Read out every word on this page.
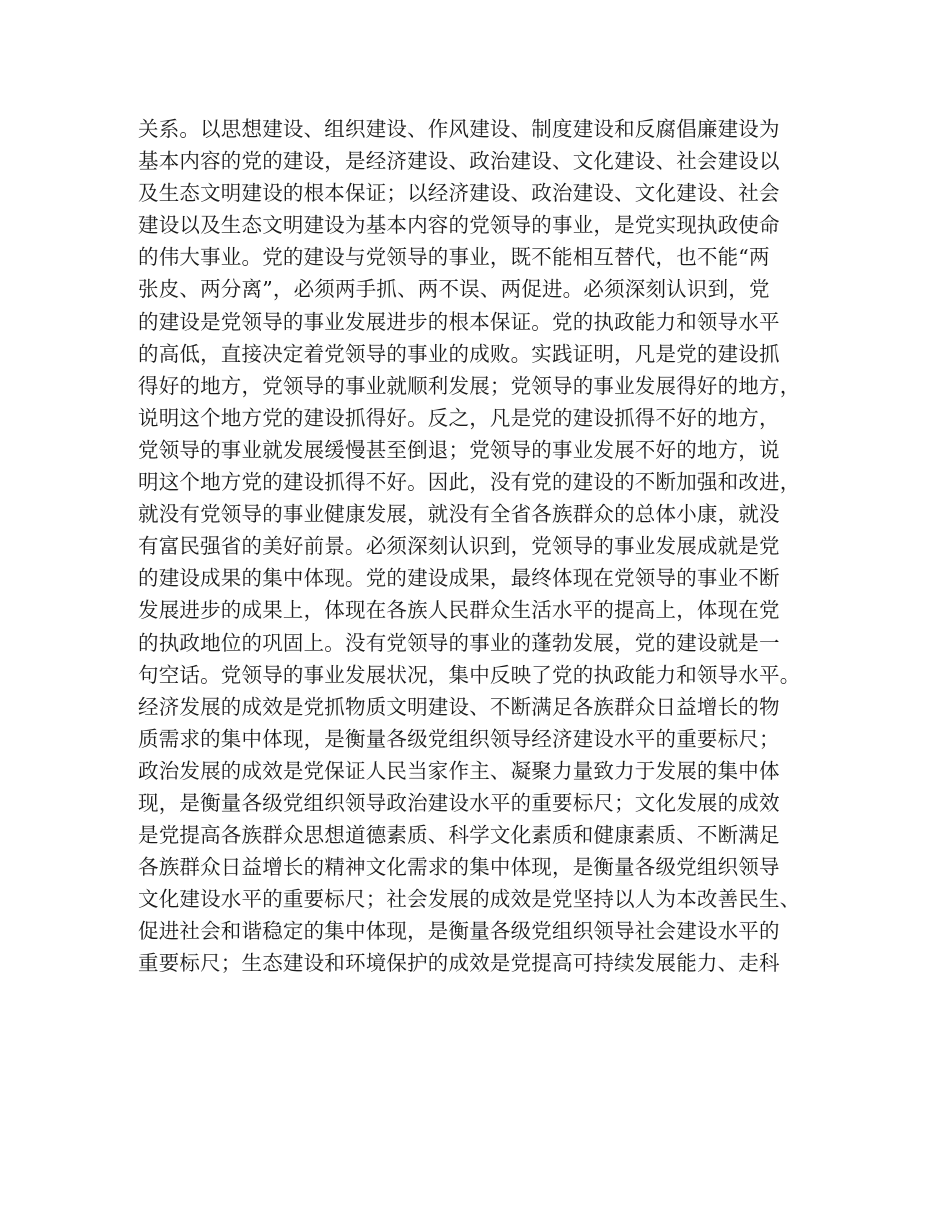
关系。以思想建设、组织建设、作风建设、制度建设和反腐倡廉建设为
基本内容的党的建设，是经济建设、政治建设、文化建设、社会建设以
及生态文明建设的根本保证；以经济建设、政治建设、文化建设、社会
建设以及生态文明建设为基本内容的党领导的事业，是党实现执政使命
的伟大事业。党的建设与党领导的事业，既不能相互替代，也不能“两
张皮、两分离”，必须两手抓、两不误、两促进。必须深刻认识到，党
的建设是党领导的事业发展进步的根本保证。党的执政能力和领导水平
的高低，直接决定着党领导的事业的成败。实践证明，凡是党的建设抓
得好的地方，党领导的事业就顺利发展；党领导的事业发展得好的地方，
说明这个地方党的建设抓得好。反之，凡是党的建设抓得不好的地方，
党领导的事业就发展缓慢甚至倒退；党领导的事业发展不好的地方，说
明这个地方党的建设抓得不好。因此，没有党的建设的不断加强和改进，
就没有党领导的事业健康发展，就没有全省各族群众的总体小康，就没
有富民强省的美好前景。必须深刻认识到，党领导的事业发展成就是党
的建设成果的集中体现。党的建设成果，最终体现在党领导的事业不断
发展进步的成果上，体现在各族人民群众生活水平的提高上，体现在党
的执政地位的巩固上。没有党领导的事业的蓬勃发展，党的建设就是一
句空话。党领导的事业发展状况，集中反映了党的执政能力和领导水平。
经济发展的成效是党抓物质文明建设、不断满足各族群众日益增长的物
质需求的集中体现，是衡量各级党组织领导经济建设水平的重要标尺；
政治发展的成效是党保证人民当家作主、凝聚力量致力于发展的集中体
现，是衡量各级党组织领导政治建设水平的重要标尺；文化发展的成效
是党提高各族群众思想道德素质、科学文化素质和健康素质、不断满足
各族群众日益增长的精神文化需求的集中体现，是衡量各级党组织领导
文化建设水平的重要标尺；社会发展的成效是党坚持以人为本改善民生、
促进社会和谐稳定的集中体现，是衡量各级党组织领导社会建设水平的
重要标尺；生态建设和环境保护的成效是党提高可持续发展能力、走科
